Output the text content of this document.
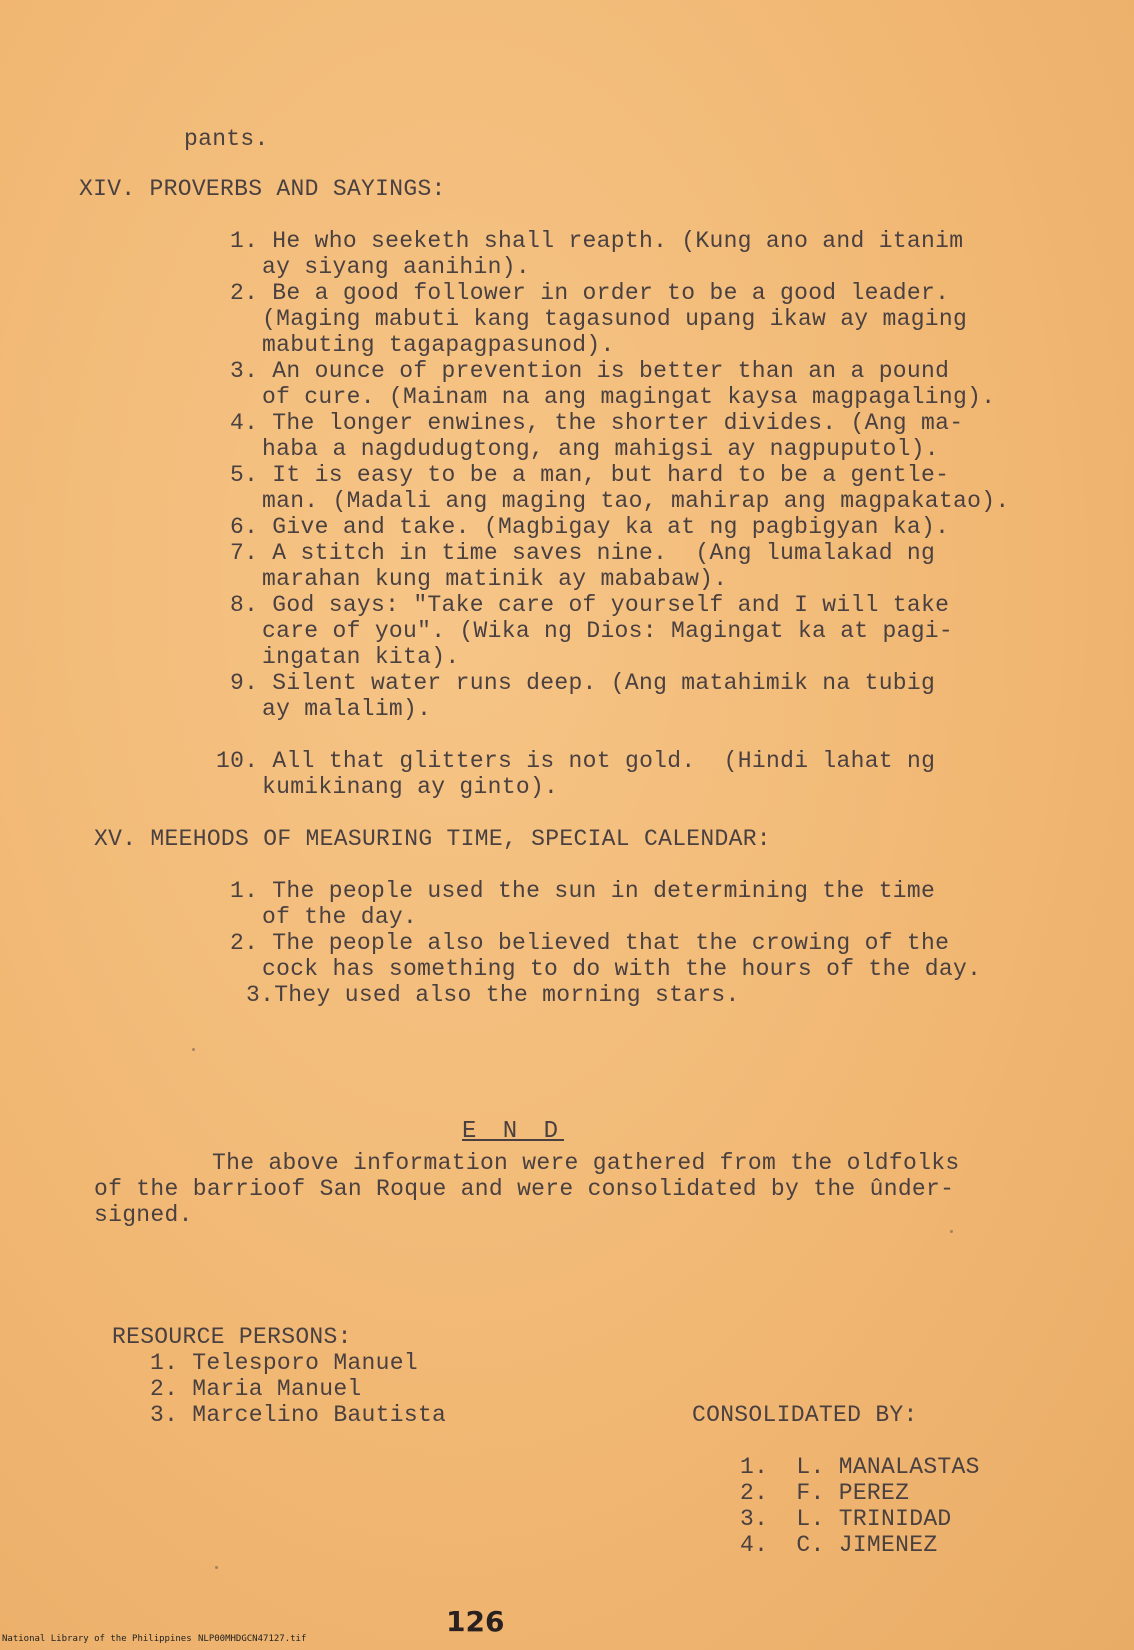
pants.
XIV. PROVERBS AND SAYINGS:
1. He who seeketh shall reapth. (Kung ano and itanim
ay siyang aanihin).
2. Be a good follower in order to be a good leader.
(Maging mabuti kang tagasunod upang ikaw ay maging
mabuting tagapagpasunod).
3. An ounce of prevention is better than an a pound
of cure. (Mainam na ang magingat kaysa magpagaling).
4. The longer enwines, the shorter divides. (Ang ma-
haba a nagdudugtong, ang mahigsi ay nagpuputol).
5. It is easy to be a man, but hard to be a gentle-
man. (Madali ang maging tao, mahirap ang magpakatao).
6. Give and take. (Magbigay ka at ng pagbigyan ka).
7. A stitch in time saves nine.  (Ang lumalakad ng
marahan kung matinik ay mababaw).
8. God says: "Take care of yourself and I will take
care of you". (Wika ng Dios: Magingat ka at pagi-
ingatan kita).
9. Silent water runs deep. (Ang matahimik na tubig
ay malalim).
10. All that glitters is not gold.  (Hindi lahat ng
kumikinang ay ginto).
XV. MEEHODS OF MEASURING TIME, SPECIAL CALENDAR:
1. The people used the sun in determining the time
of the day.
2. The people also believed that the crowing of the
cock has something to do with the hours of the day.
3.They used also the morning stars.
The above information were gathered from the oldfolks
of the barrioof San Roque and were consolidated by the ûnder-
signed.
RESOURCE PERSONS:
1. Telesporo Manuel
2. Maria Manuel
3. Marcelino Bautista	CONSOLIDATED BY:
1.  L. MANALASTAS
2.  F. PEREZ
3.  L. TRINIDAD
4.  C. JIMENEZ
E N D
126
National Library of the Philippines NLP00MHDGCN47127.tif
